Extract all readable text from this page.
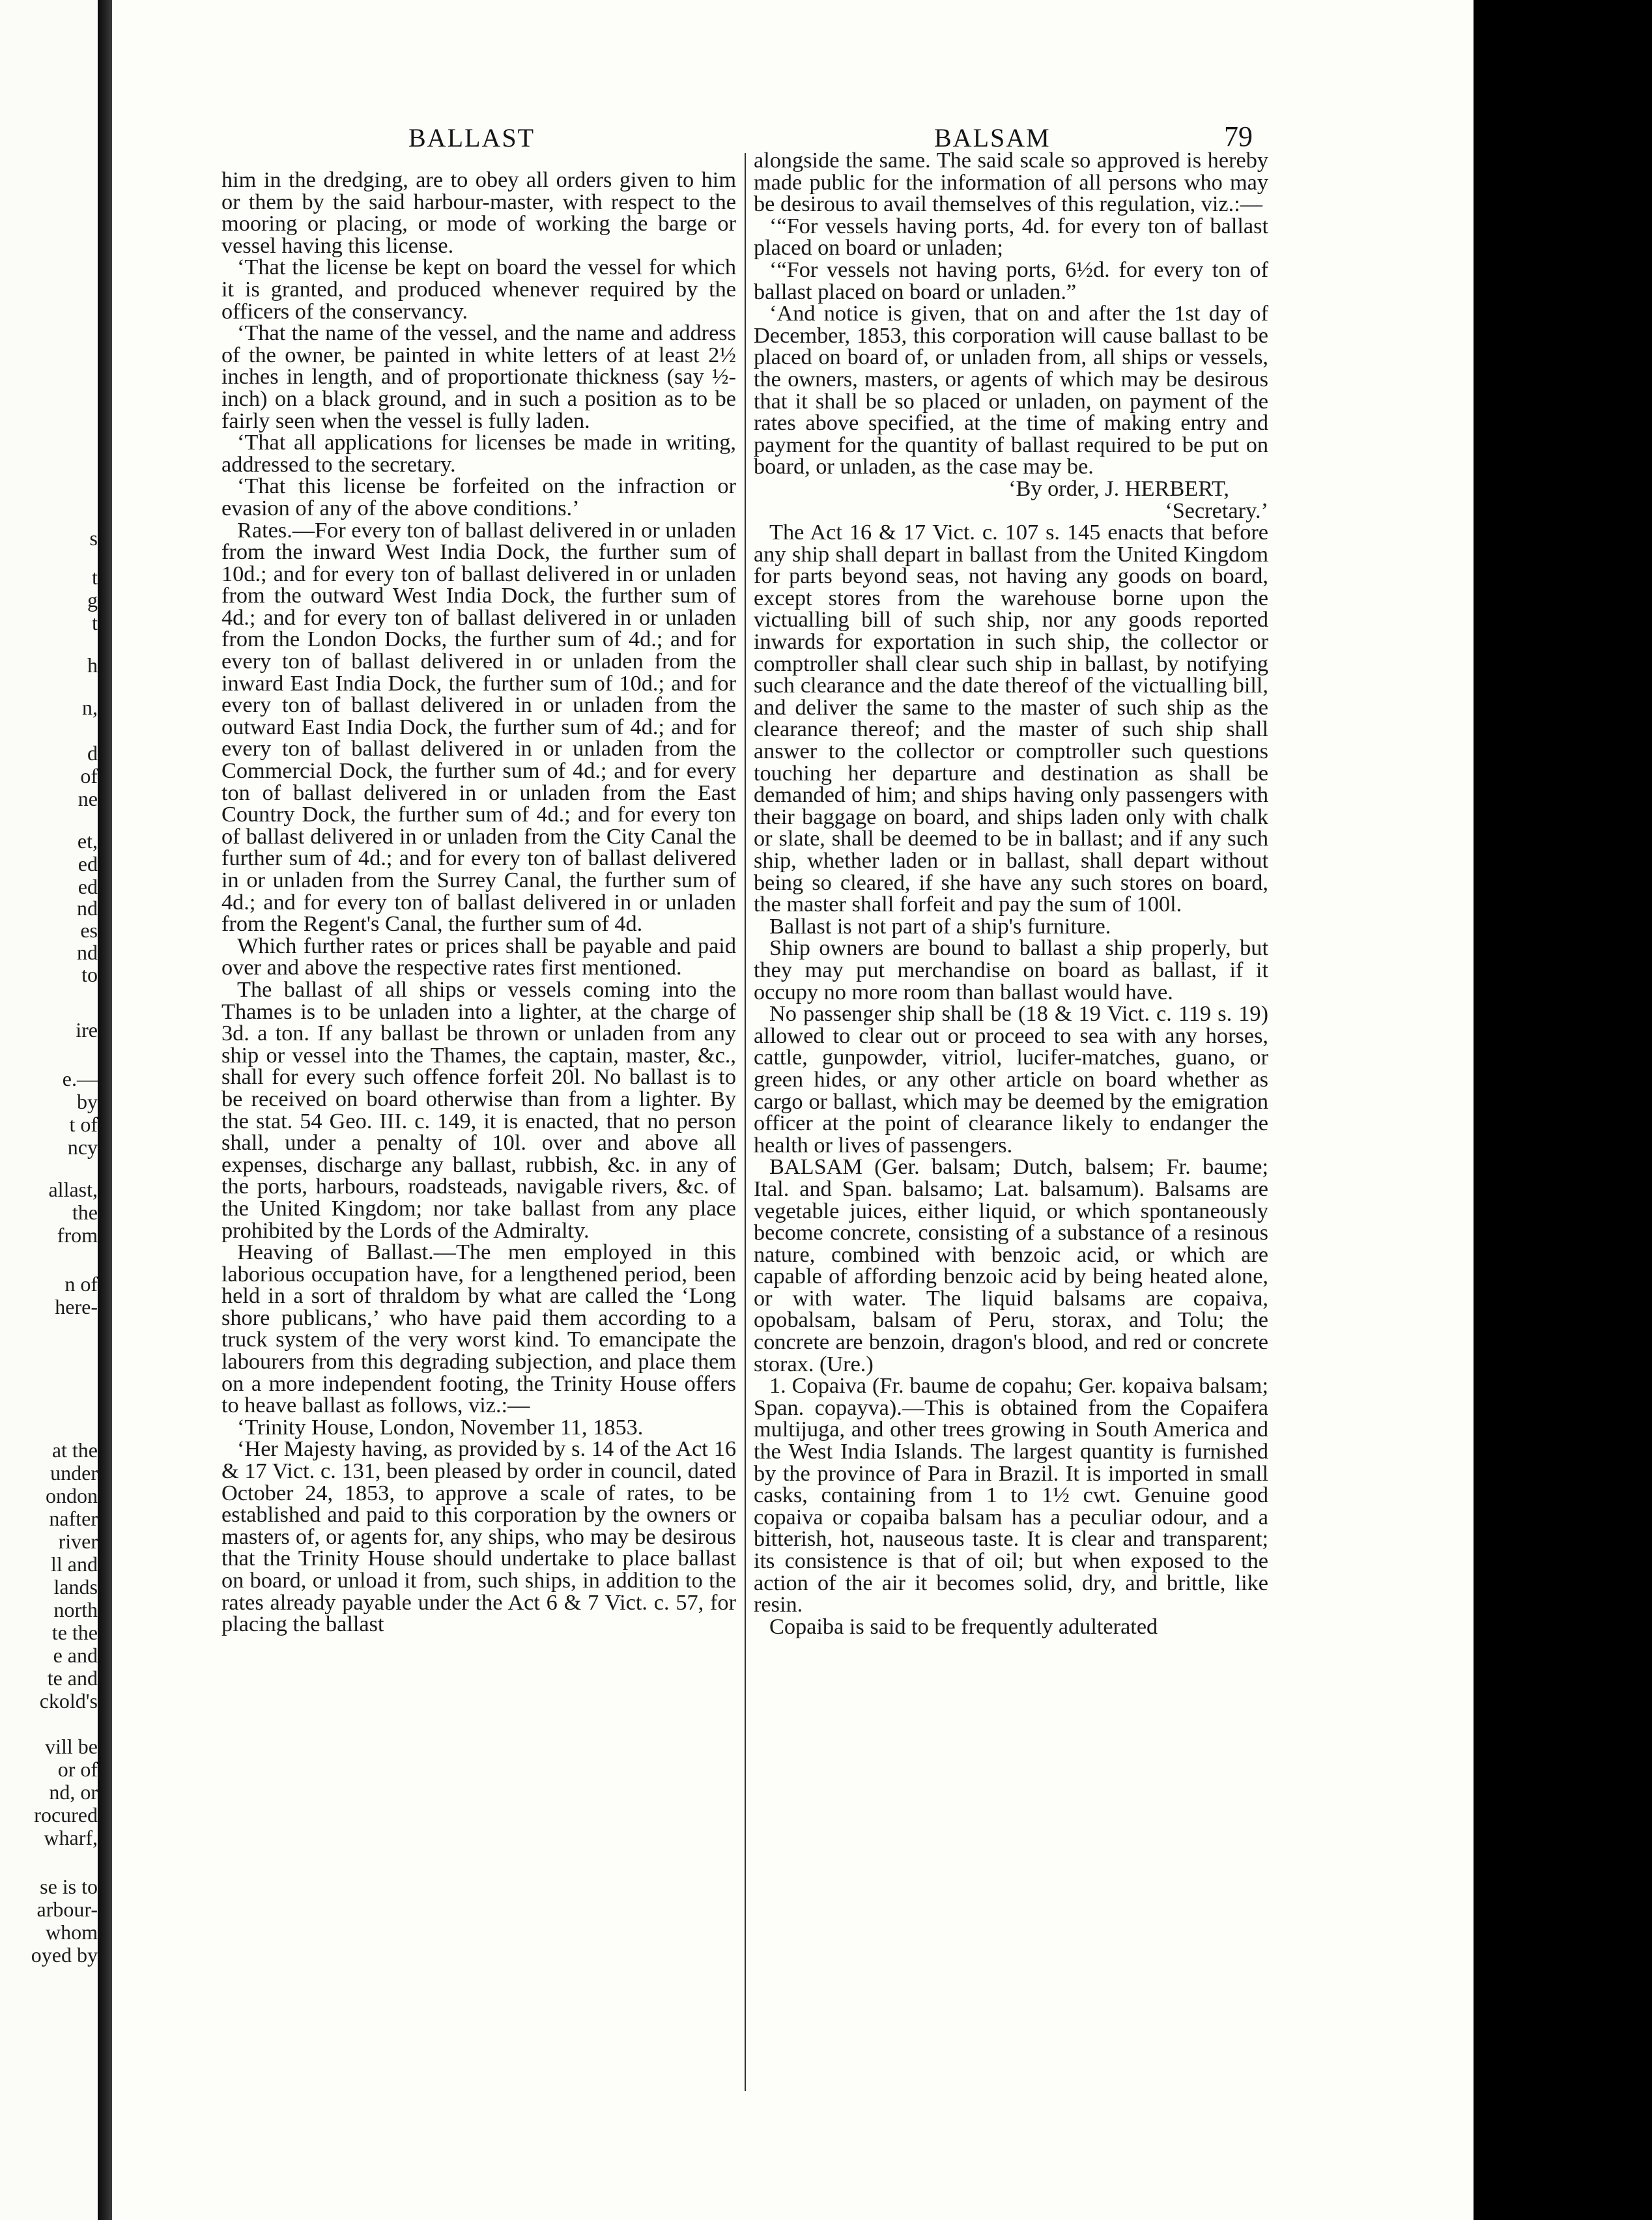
s
t
g
t
h
n,
d
of
ne
et,
ed
ed
nd
es
nd
to
ire
e.—
by
t of
ncy
allast,
the
from
n of
here-
at the
under
ondon
nafter
river
ll and
lands
north
te the
e and
te and
ckold's
vill be
or of
nd, or
rocured
wharf,
se is to
arbour-
whom
oyed by
BALLAST	BALSAM	79

him in the dredging, are to obey all orders given to him or them by the said harbour-master, with respect to the mooring or placing, or mode of working the barge or vessel having this license.

‘That the license be kept on board the vessel for which it is granted, and produced whenever required by the officers of the conservancy.

‘That the name of the vessel, and the name and address of the owner, be painted in white letters of at least 2½ inches in length, and of proportionate thickness (say ½-inch) on a black ground, and in such a position as to be fairly seen when the vessel is fully laden.

‘That all applications for licenses be made in writing, addressed to the secretary.

‘That this license be forfeited on the infraction or evasion of any of the above conditions.’

Rates.—For every ton of ballast delivered in or unladen from the inward West India Dock, the further sum of 10d.; and for every ton of ballast delivered in or unladen from the outward West India Dock, the further sum of 4d.; and for every ton of ballast delivered in or unladen from the London Docks, the further sum of 4d.; and for every ton of ballast delivered in or unladen from the inward East India Dock, the further sum of 10d.; and for every ton of ballast delivered in or unladen from the outward East India Dock, the further sum of 4d.; and for every ton of ballast delivered in or unladen from the Commercial Dock, the further sum of 4d.; and for every ton of ballast delivered in or unladen from the East Country Dock, the further sum of 4d.; and for every ton of ballast delivered in or unladen from the City Canal the further sum of 4d.; and for every ton of ballast delivered in or unladen from the Surrey Canal, the further sum of 4d.; and for every ton of ballast delivered in or unladen from the Regent's Canal, the further sum of 4d.

Which further rates or prices shall be payable and paid over and above the respective rates first mentioned.

The ballast of all ships or vessels coming into the Thames is to be unladen into a lighter, at the charge of 3d. a ton. If any ballast be thrown or unladen from any ship or vessel into the Thames, the captain, master, &c., shall for every such offence forfeit 20l. No ballast is to be received on board otherwise than from a lighter. By the stat. 54 Geo. III. c. 149, it is enacted, that no person shall, under a penalty of 10l. over and above all expenses, discharge any ballast, rubbish, &c. in any of the ports, harbours, roadsteads, navigable rivers, &c. of the United Kingdom; nor take ballast from any place prohibited by the Lords of the Admiralty.

Heaving of Ballast.—The men employed in this laborious occupation have, for a lengthened period, been held in a sort of thraldom by what are called the ‘Long shore publicans,’ who have paid them according to a truck system of the very worst kind. To emancipate the labourers from this degrading subjection, and place them on a more independent footing, the Trinity House offers to heave ballast as follows, viz.:—

‘Trinity House, London, November 11, 1853.

‘Her Majesty having, as provided by s. 14 of the Act 16 & 17 Vict. c. 131, been pleased by order in council, dated October 24, 1853, to approve a scale of rates, to be established and paid to this corporation by the owners or masters of, or agents for, any ships, who may be desirous that the Trinity House should undertake to place ballast on board, or unload it from, such ships, in addition to the rates already payable under the Act 6 & 7 Vict. c. 57, for placing the ballast

alongside the same. The said scale so approved is hereby made public for the information of all persons who may be desirous to avail themselves of this regulation, viz.:—

‘“For vessels having ports, 4d. for every ton of ballast placed on board or unladen;

‘“For vessels not having ports, 6½d. for every ton of ballast placed on board or unladen.”

‘And notice is given, that on and after the 1st day of December, 1853, this corporation will cause ballast to be placed on board of, or unladen from, all ships or vessels, the owners, masters, or agents of which may be desirous that it shall be so placed or unladen, on payment of the rates above specified, at the time of making entry and payment for the quantity of ballast required to be put on board, or unladen, as the case may be.

‘By order, J. HERBERT,

‘Secretary.’

The Act 16 & 17 Vict. c. 107 s. 145 enacts that before any ship shall depart in ballast from the United Kingdom for parts beyond seas, not having any goods on board, except stores from the warehouse borne upon the victualling bill of such ship, nor any goods reported inwards for exportation in such ship, the collector or comptroller shall clear such ship in ballast, by notifying such clearance and the date thereof of the victualling bill, and deliver the same to the master of such ship as the clearance thereof; and the master of such ship shall answer to the collector or comptroller such questions touching her departure and destination as shall be demanded of him; and ships having only passengers with their baggage on board, and ships laden only with chalk or slate, shall be deemed to be in ballast; and if any such ship, whether laden or in ballast, shall depart without being so cleared, if she have any such stores on board, the master shall forfeit and pay the sum of 100l.

Ballast is not part of a ship's furniture.

Ship owners are bound to ballast a ship properly, but they may put merchandise on board as ballast, if it occupy no more room than ballast would have.

No passenger ship shall be (18 & 19 Vict. c. 119 s. 19) allowed to clear out or proceed to sea with any horses, cattle, gunpowder, vitriol, lucifer-matches, guano, or green hides, or any other article on board whether as cargo or ballast, which may be deemed by the emigration officer at the point of clearance likely to endanger the health or lives of passengers.

BALSAM (Ger. balsam; Dutch, balsem; Fr. baume; Ital. and Span. balsamo; Lat. balsamum). Balsams are vegetable juices, either liquid, or which spontaneously become concrete, consisting of a substance of a resinous nature, combined with benzoic acid, or which are capable of affording benzoic acid by being heated alone, or with water. The liquid balsams are copaiva, opobalsam, balsam of Peru, storax, and Tolu; the concrete are benzoin, dragon's blood, and red or concrete storax. (Ure.)

1. Copaiva (Fr. baume de copahu; Ger. kopaiva balsam; Span. copayva).—This is obtained from the Copaifera multijuga, and other trees growing in South America and the West India Islands. The largest quantity is furnished by the province of Para in Brazil. It is imported in small casks, containing from 1 to 1½ cwt. Genuine good copaiva or copaiba balsam has a peculiar odour, and a bitterish, hot, nauseous taste. It is clear and transparent; its consistence is that of oil; but when exposed to the action of the air it becomes solid, dry, and brittle, like resin.

Copaiba is said to be frequently adulterated
